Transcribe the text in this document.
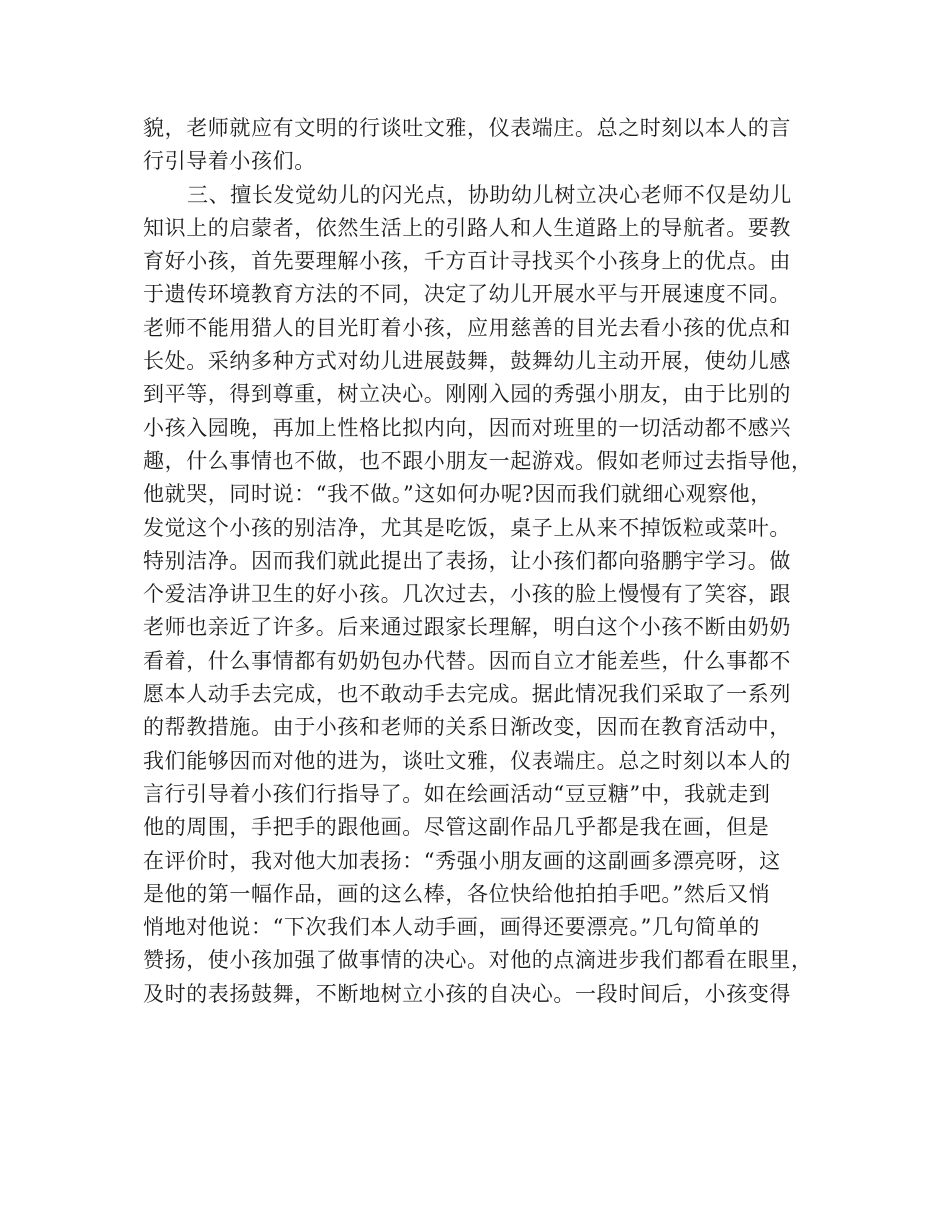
貌，老师就应有文明的行谈吐文雅，仪表端庄。总之时刻以本人的言
行引导着小孩们。
三、擅长发觉幼儿的闪光点，协助幼儿树立决心老师不仅是幼儿
知识上的启蒙者，依然生活上的引路人和人生道路上的导航者。要教
育好小孩，首先要理解小孩，千方百计寻找买个小孩身上的优点。由
于遗传环境教育方法的不同，决定了幼儿开展水平与开展速度不同。
老师不能用猎人的目光盯着小孩，应用慈善的目光去看小孩的优点和
长处。采纳多种方式对幼儿进展鼓舞，鼓舞幼儿主动开展，使幼儿感
到平等，得到尊重，树立决心。刚刚入园的秀强小朋友，由于比别的
小孩入园晚，再加上性格比拟内向，因而对班里的一切活动都不感兴
趣，什么事情也不做，也不跟小朋友一起游戏。假如老师过去指导他，
他就哭，同时说：“我不做。”这如何办呢?因而我们就细心观察他，
发觉这个小孩的别洁净，尤其是吃饭，桌子上从来不掉饭粒或菜叶。
特别洁净。因而我们就此提出了表扬，让小孩们都向骆鹏宇学习。做
个爱洁净讲卫生的好小孩。几次过去，小孩的脸上慢慢有了笑容，跟
老师也亲近了许多。后来通过跟家长理解，明白这个小孩不断由奶奶
看着，什么事情都有奶奶包办代替。因而自立才能差些，什么事都不
愿本人动手去完成，也不敢动手去完成。据此情况我们采取了一系列
的帮教措施。由于小孩和老师的关系日渐改变，因而在教育活动中，
我们能够因而对他的进为，谈吐文雅，仪表端庄。总之时刻以本人的
言行引导着小孩们行指导了。如在绘画活动“豆豆糖”中，我就走到
他的周围，手把手的跟他画。尽管这副作品几乎都是我在画，但是
在评价时，我对他大加表扬：“秀强小朋友画的这副画多漂亮呀，这
是他的第一幅作品，画的这么棒，各位快给他拍拍手吧。”然后又悄
悄地对他说：“下次我们本人动手画，画得还要漂亮。”几句简单的
赞扬，使小孩加强了做事情的决心。对他的点滴进步我们都看在眼里，
及时的表扬鼓舞，不断地树立小孩的自决心。一段时间后，小孩变得
